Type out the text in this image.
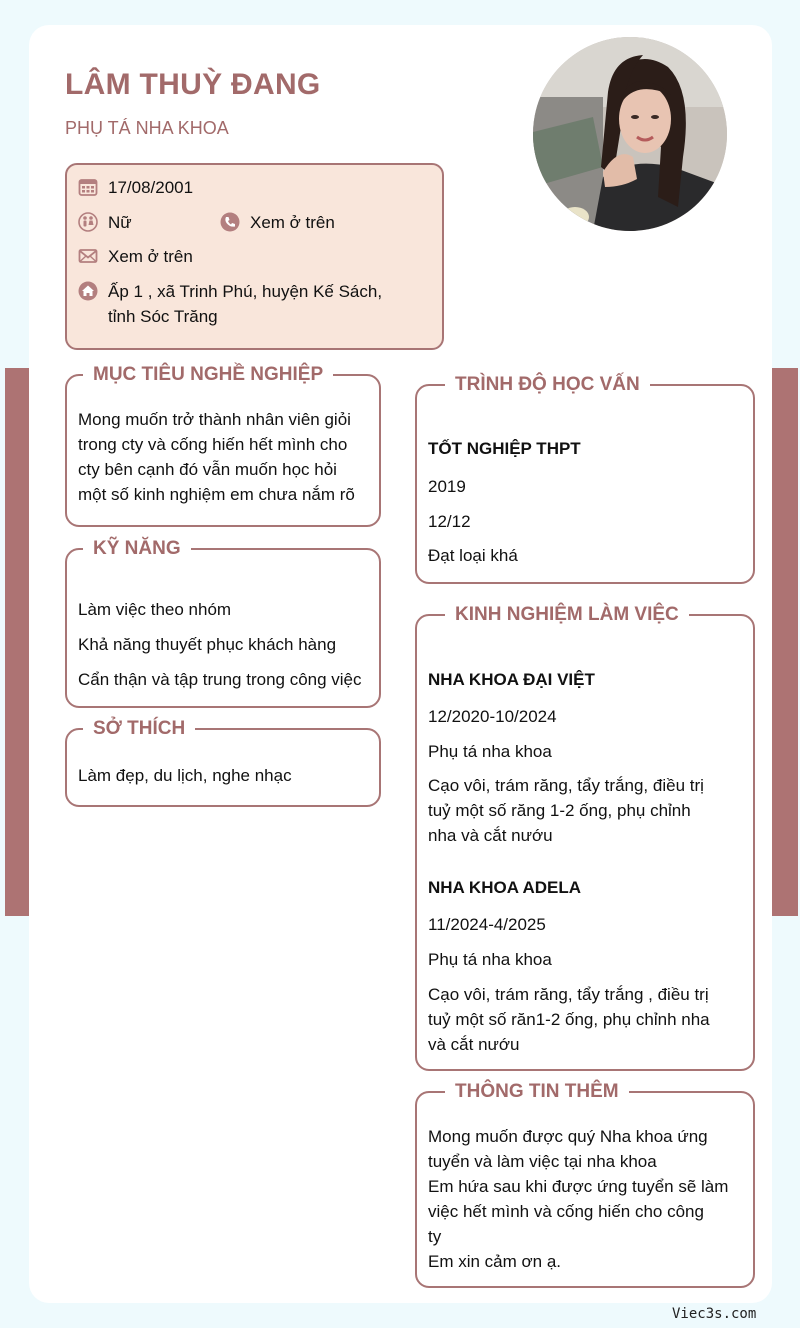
LÂM THUỲ ĐANG
PHỤ TÁ NHA KHOA
17/08/2001
Nữ	Xem ở trên
Xem ở trên
Ấp 1 , xã Trinh Phú, huyện Kế Sách,
tỉnh Sóc Trăng
MỤC TIÊU NGHỀ NGHIỆP
Mong muốn trở thành nhân viên giỏi
trong cty và cống hiến hết mình cho
cty bên cạnh đó vẫn muốn học hỏi
một số kinh nghiệm em chưa nắm rõ
KỸ NĂNG
Làm việc theo nhóm
Khả năng thuyết phục khách hàng
Cẩn thận và tập trung trong công việc
SỞ THÍCH
Làm đẹp, du lịch, nghe nhạc
TRÌNH ĐỘ HỌC VẤN
TỐT NGHIỆP THPT
2019
12/12
Đạt loại khá
KINH NGHIỆM LÀM VIỆC
NHA KHOA ĐẠI VIỆT
12/2020-10/2024
Phụ tá nha khoa
Cạo vôi, trám răng, tẩy trắng, điều trị
tuỷ một số răng 1-2 ống, phụ chỉnh
nha và cắt nướu
NHA KHOA ADELA
11/2024-4/2025
Phụ tá nha khoa
Cạo vôi, trám răng, tẩy trắng , điều trị
tuỷ một số răn1-2 ống, phụ chỉnh nha
và cắt nướu
THÔNG TIN THÊM
Mong muốn được quý Nha khoa ứng
tuyển và làm việc tại nha khoa
Em hứa sau khi được ứng tuyển sẽ làm
việc hết mình và cống hiến cho công
ty
Em xin cảm ơn ạ.
Viec3s.com
